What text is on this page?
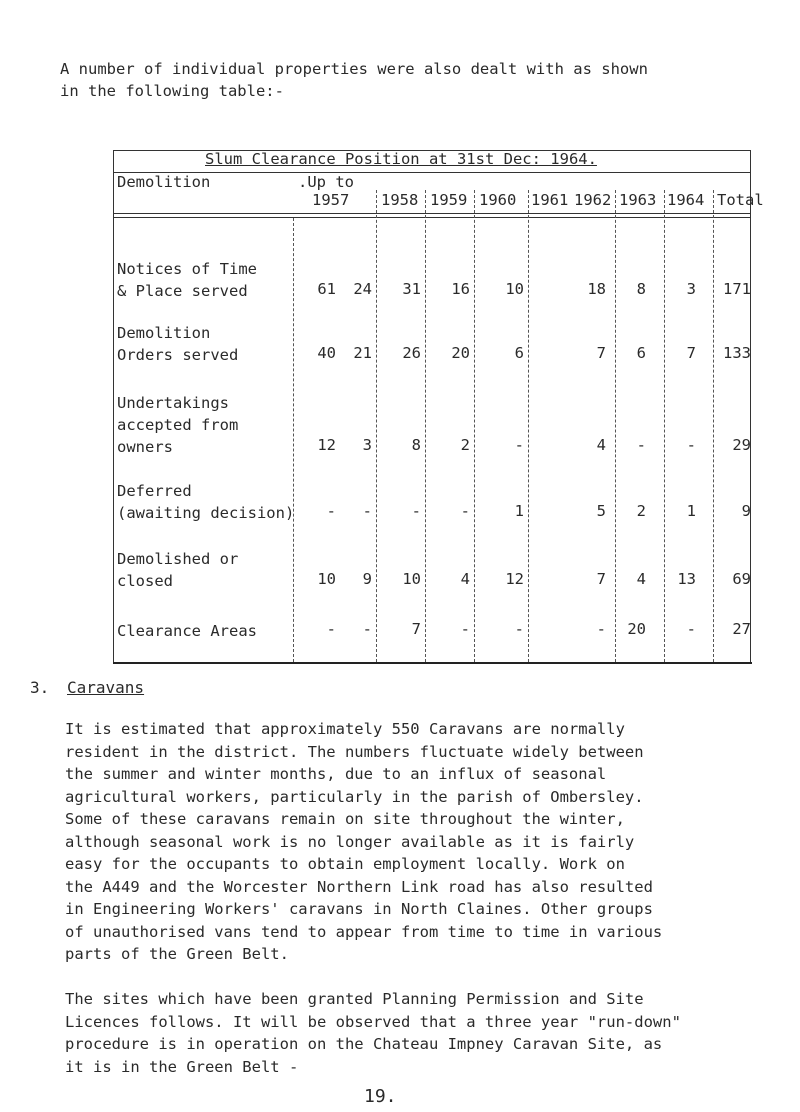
A number of individual properties were also dealt with as shown
in the following table:-
Slum Clearance Position at 31st Dec: 1964.
Demolition	.Up to
1957 1958 1959 1960 1961 1962 1963 1964 Total
Notices of Time
& Place served	61	24	31	16	10	18	8	3	171
Demolition
Orders served	40	21	26	20	6	7	6	7	133
Undertakings
accepted from
owners	12	3	8	2	-	4	-	-	29
Deferred
(awaiting decision)	-	-	-	-	1	5	2	1	9
Demolished or
closed	10	9	10	4	12	7	4	13	69
Clearance Areas	-	-	7	-	-	-	20	-	27
3. Caravans
It is estimated that approximately 550 Caravans are normally
resident in the district. The numbers fluctuate widely between
the summer and winter months, due to an influx of seasonal
agricultural workers, particularly in the parish of Ombersley.
Some of these caravans remain on site throughout the winter,
although seasonal work is no longer available as it is fairly
easy for the occupants to obtain employment locally. Work on
the A449 and the Worcester Northern Link road has also resulted
in Engineering Workers' caravans in North Claines. Other groups
of unauthorised vans tend to appear from time to time in various
parts of the Green Belt.
The sites which have been granted Planning Permission and Site
Licences follows. It will be observed that a three year "run-down"
procedure is in operation on the Chateau Impney Caravan Site, as
it is in the Green Belt -
19.
